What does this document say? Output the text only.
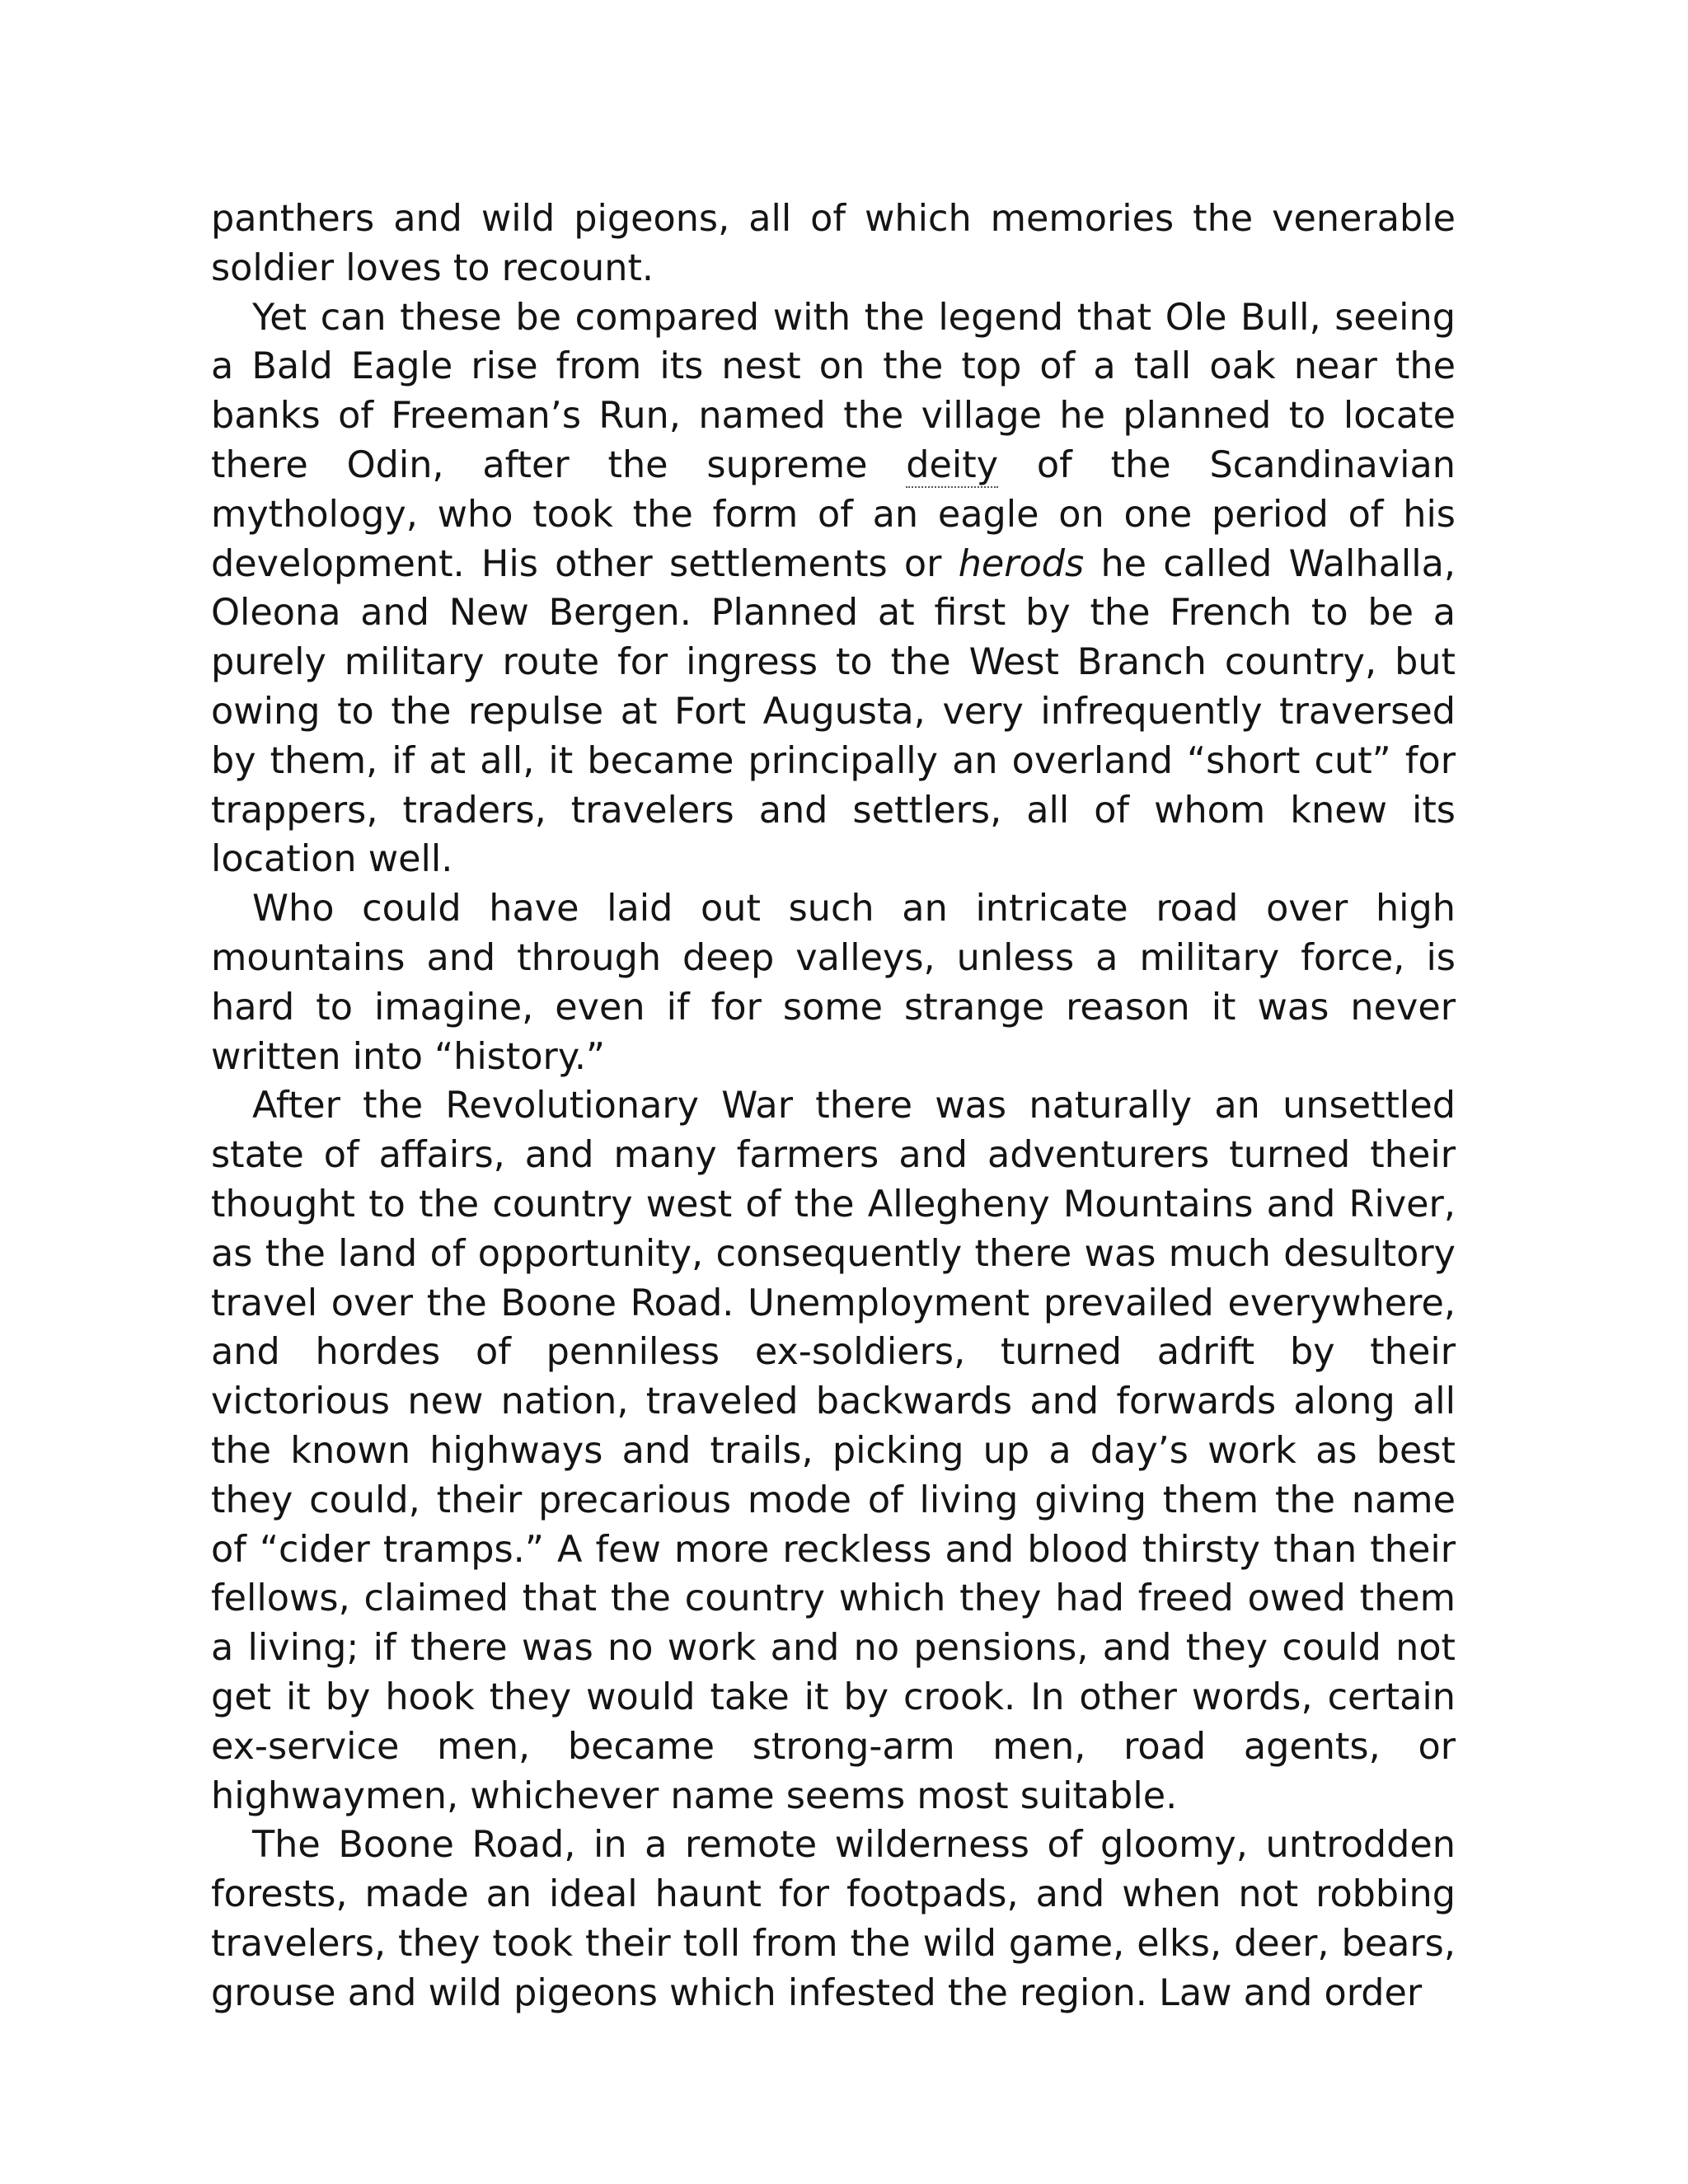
panthers and wild pigeons, all of which memories the venerable soldier loves to recount.

Yet can these be compared with the legend that Ole Bull, seeing a Bald Eagle rise from its nest on the top of a tall oak near the banks of Freeman’s Run, named the village he planned to locate there Odin, after the supreme deity of the Scandinavian mythology, who took the form of an eagle on one period of his development. His other settlements or herods he called Walhalla, Oleona and New Bergen. Planned at first by the French to be a purely military route for ingress to the West Branch country, but owing to the repulse at Fort Augusta, very infrequently traversed by them, if at all, it became principally an overland “short cut” for trappers, traders, travelers and settlers, all of whom knew its location well.

Who could have laid out such an intricate road over high mountains and through deep valleys, unless a military force, is hard to imagine, even if for some strange reason it was never written into “history.”

After the Revolutionary War there was naturally an unsettled state of affairs, and many farmers and adventurers turned their thought to the country west of the Allegheny Mountains and River, as the land of opportunity, consequently there was much desultory travel over the Boone Road. Unemployment prevailed everywhere, and hordes of penniless ex-soldiers, turned adrift by their victorious new nation, traveled backwards and forwards along all the known highways and trails, picking up a day’s work as best they could, their precarious mode of living giving them the name of “cider tramps.” A few more reckless and blood thirsty than their fellows, claimed that the country which they had freed owed them a living; if there was no work and no pensions, and they could not get it by hook they would take it by crook. In other words, certain ex-service men, became strong-arm men, road agents, or highwaymen, whichever name seems most suitable.

The Boone Road, in a remote wilderness of gloomy, untrodden forests, made an ideal haunt for footpads, and when not robbing travelers, they took their toll from the wild game, elks, deer, bears, grouse and wild pigeons which infested the region. Law and order
